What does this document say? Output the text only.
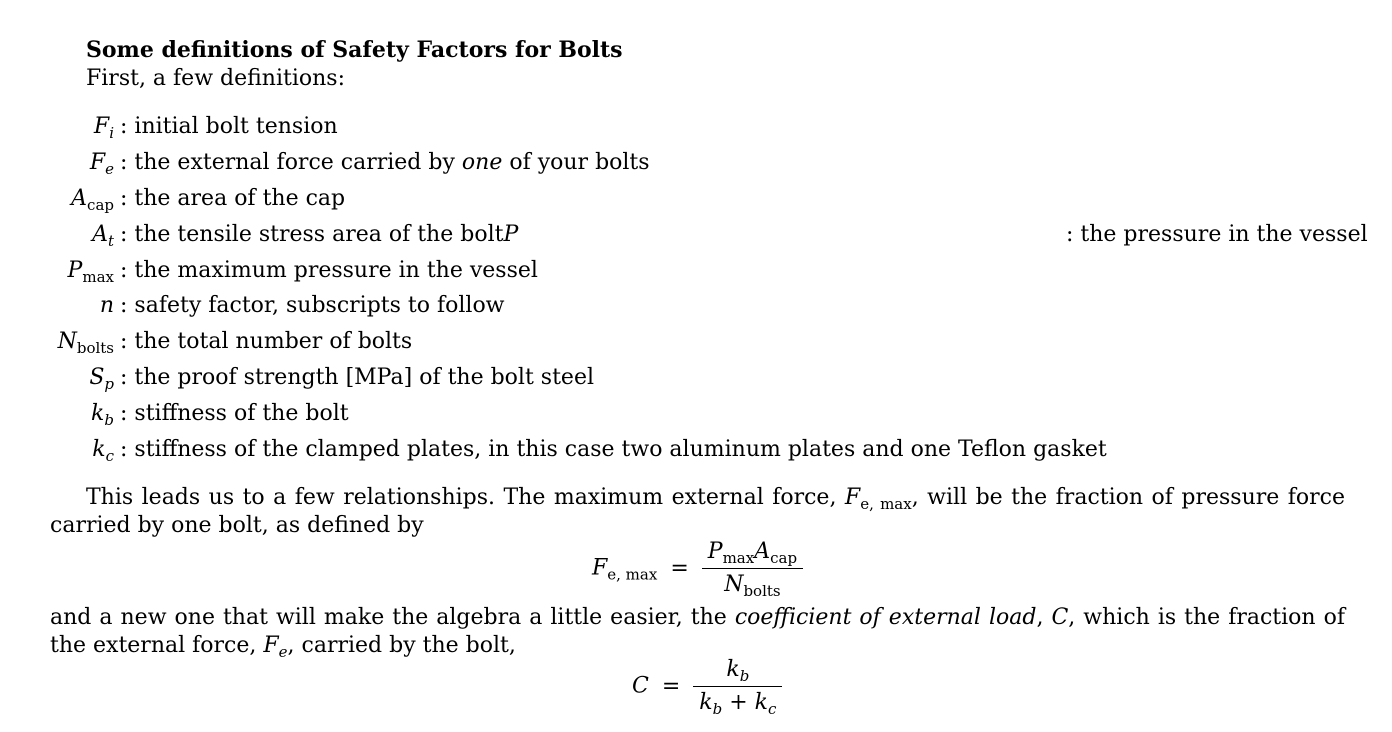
Some definitions of Safety Factors for Bolts
First, a few definitions:
$F_i$ : initial bolt tension
$F_e$ : the external force carried by one of your bolts
$A_{cap}$ : the area of the cap
$A_t$ : the tensile stress area of the boltP	: the pressure in the vessel
$P_{max}$ : the maximum pressure in the vessel
n : safety factor, subscripts to follow
$N_{bolts}$ : the total number of bolts
$S_p$ : the proof strength [MPa] of the bolt steel
$k_b$ : stiffness of the bolt
$k_c$ : stiffness of the clamped plates, in this case two aluminum plates and one Teflon gasket
This leads us to a few relationships. The maximum external force, $F_{e, max}$, will be the fraction of pressure force carried by one bolt, as defined by
$F_{e, max} = \frac{P_{max}A_{cap}}{N_{bolts}}$
and a new one that will make the algebra a little easier, the coefficient of external load, C, which is the fraction of the external force, $F_e$, carried by the bolt,
$C = \frac{k_b}{k_b + k_c}$
